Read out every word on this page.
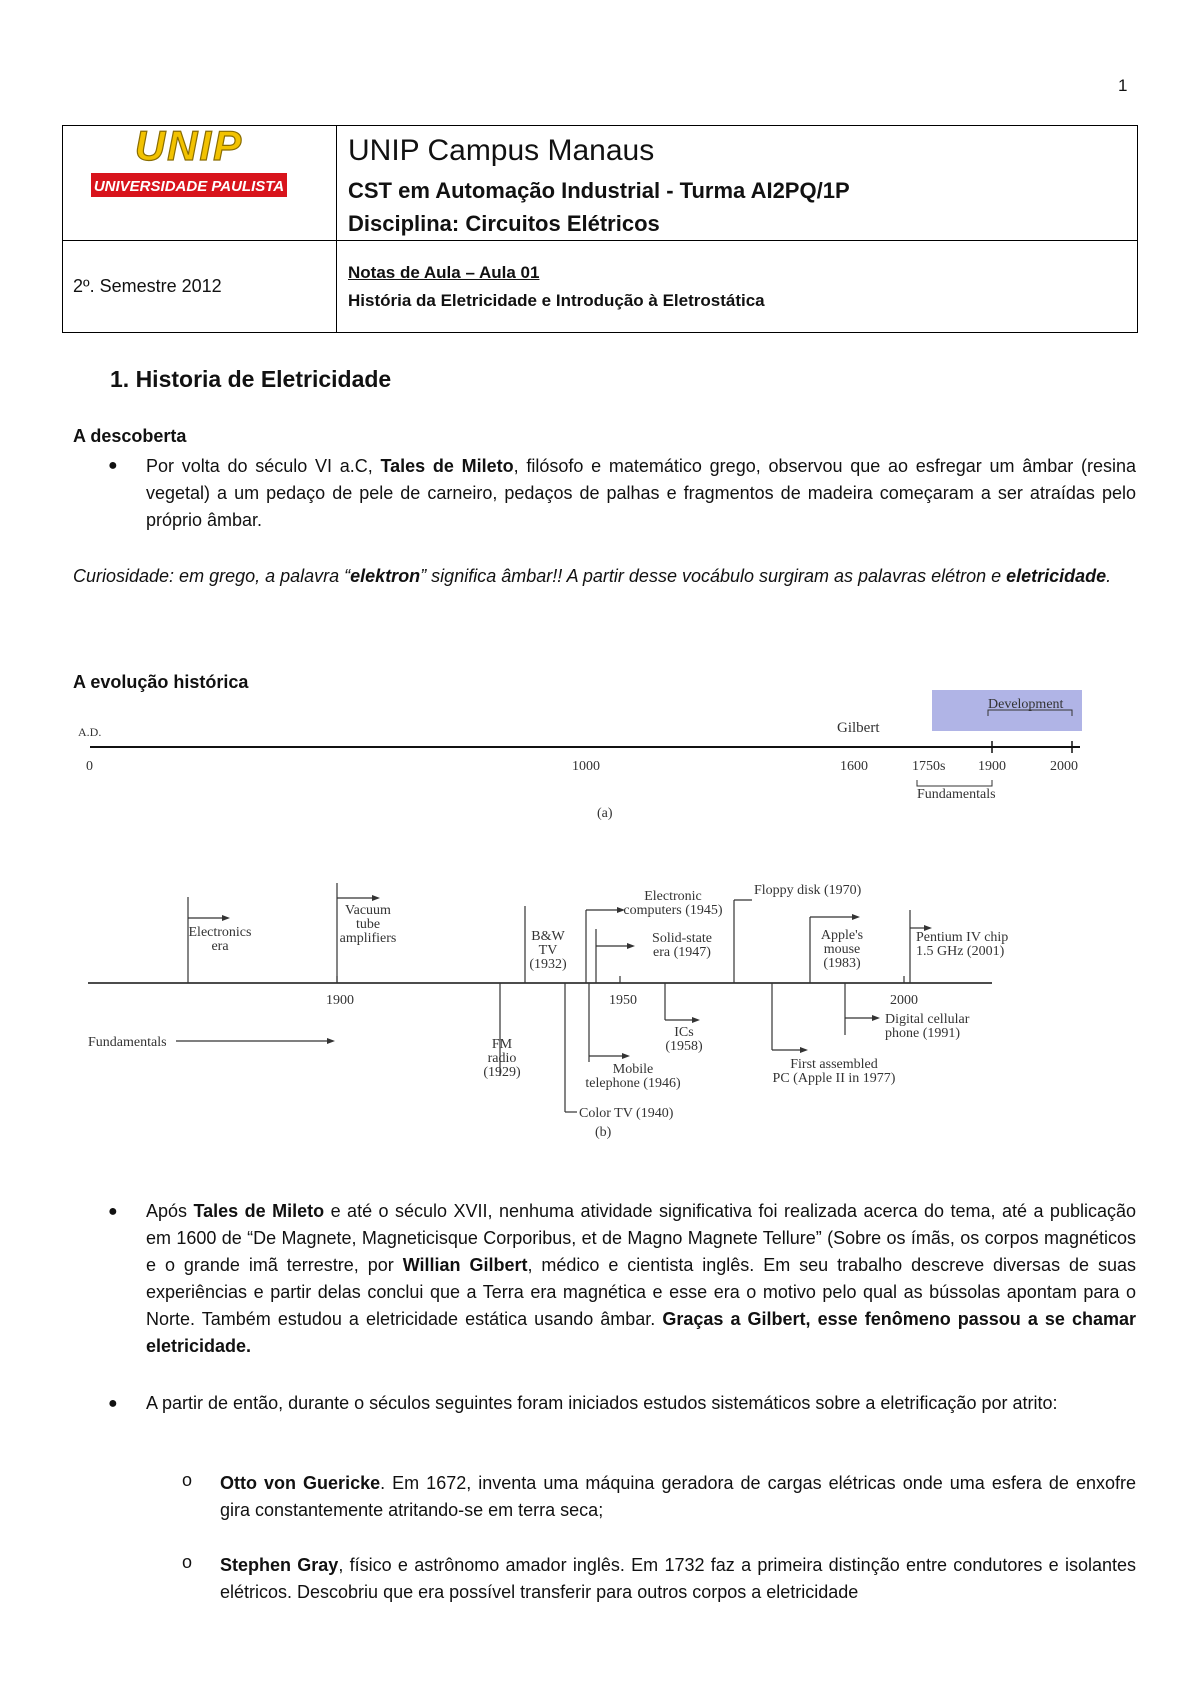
1
UNIP
UNIVERSIDADE PAULISTA
UNIP Campus Manaus
CST em Automação Industrial - Turma AI2PQ/1P
Disciplina: Circuitos Elétricos
2º. Semestre 2012
Notas de Aula – Aula 01
História da Eletricidade e Introdução à Eletrostática
1. Historia de Eletricidade
A descoberta
● Por volta do século VI a.C, Tales de Mileto, filósofo e matemático grego, observou que ao esfregar um âmbar (resina vegetal) a um pedaço de pele de carneiro, pedaços de palhas e fragmentos de madeira começaram a ser atraídas pelo próprio âmbar.

Curiosidade: em grego, a palavra “elektron” significa âmbar!! A partir desse vocábulo surgiram as palavras elétron e eletricidade.

A evolução histórica
A.D.
0	1000	1600	1750s 1900	2000
Gilbert
Development
Fundamentals
(a)
1900	1950	2000
Electronics
era
Vacuum
tube
amplifiers	B&W
TV
(1932)
Electronic
computers (1945)
Solid-state
era (1947)
Floppy disk (1970)
Apple's
mouse
(1983)
Pentium IV chip
1.5 GHz (2001)
Fundamentals	FM
radio
(1929)
ICs
(1958)
Mobile
telephone (1946)
Color TV (1940)
Digital cellular
phone (1991)
First assembled
PC (Apple II in 1977)
(b)
● Após Tales de Mileto e até o século XVII, nenhuma atividade significativa foi realizada acerca do tema, até a publicação em 1600 de “De Magnete, Magneticisque Corporibus, et de Magno Magnete Tellure” (Sobre os ímãs, os corpos magnéticos e o grande imã terrestre, por Willian Gilbert, médico e cientista inglês. Em seu trabalho descreve diversas de suas experiências e partir delas conclui que a Terra era magnética e esse era o motivo pelo qual as bússolas apontam para o Norte. Também estudou a eletricidade estática usando âmbar. Graças a Gilbert, esse fenômeno passou a se chamar eletricidade.

● A partir de então, durante o séculos seguintes foram iniciados estudos sistemáticos sobre a eletrificação por atrito:

o Otto von Guericke. Em 1672, inventa uma máquina geradora de cargas elétricas onde uma esfera de enxofre gira constantemente atritando-se em terra seca;

o Stephen Gray, físico e astrônomo amador inglês. Em 1732 faz a primeira distinção entre condutores e isolantes elétricos. Descobriu que era possível transferir para outros corpos a eletricidade
